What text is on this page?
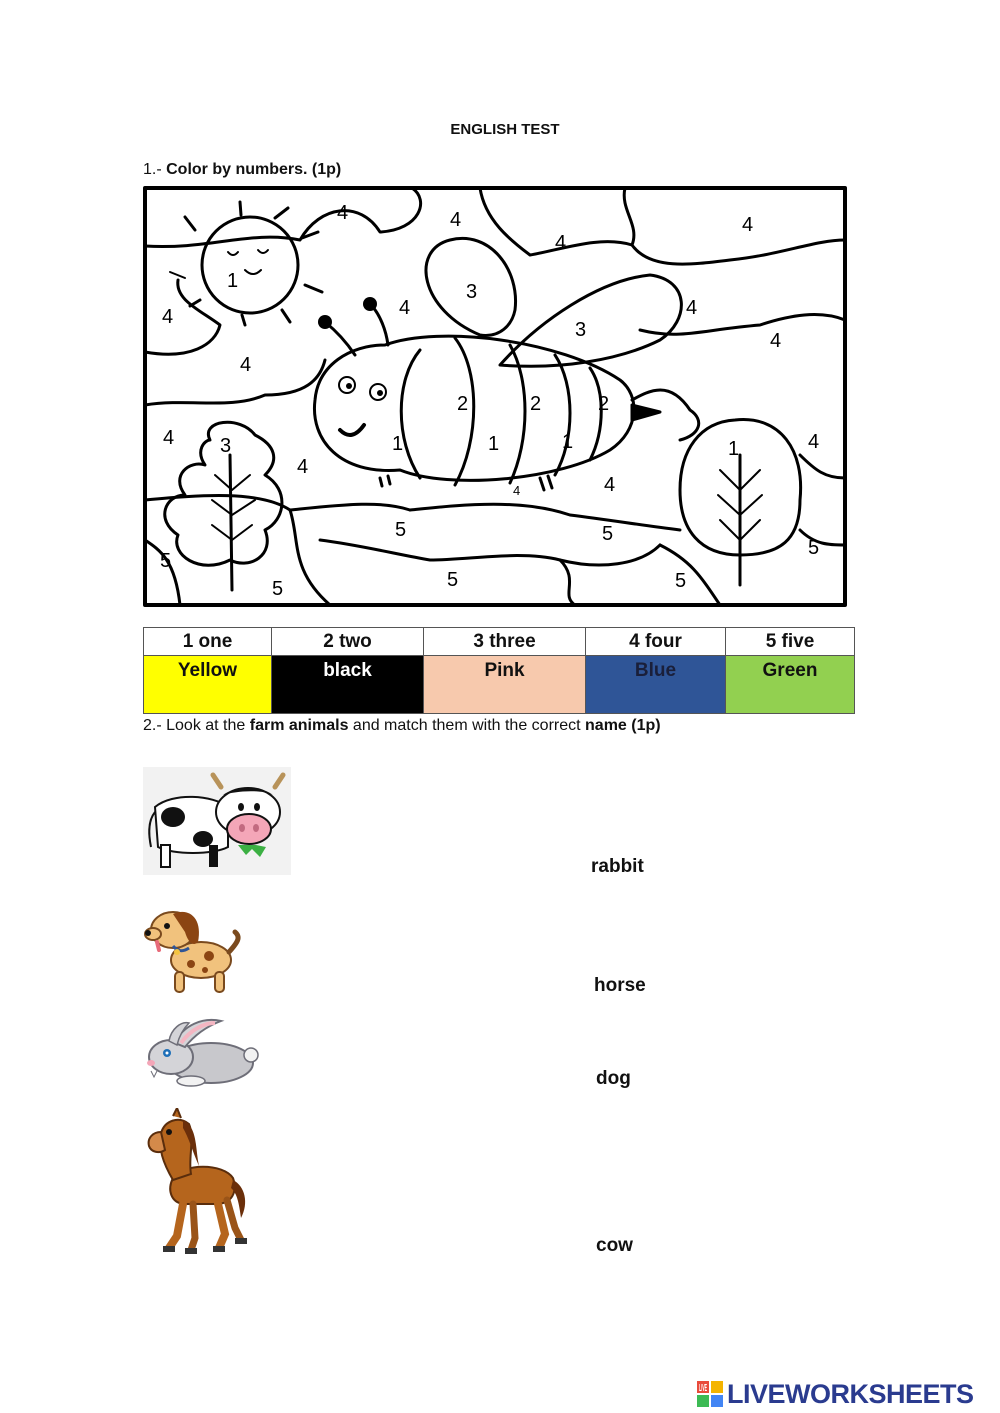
ENGLISH TEST
1.- Color by numbers. (1p)
1
1	1	1	1
2	2	2
3
3
3
4	4
4
4
4	4	4
4
4
4	4
4
4
4
5	5
5
5
5	5	5
1 one	2 two	3 three	4 four	5 five
Yellow	black	Pink	Blue	Green
2.- Look at the farm animals and match them with the correct name (1p)
rabbit
horse
dog
cow
LIVE LIVEWORKSHEETS
